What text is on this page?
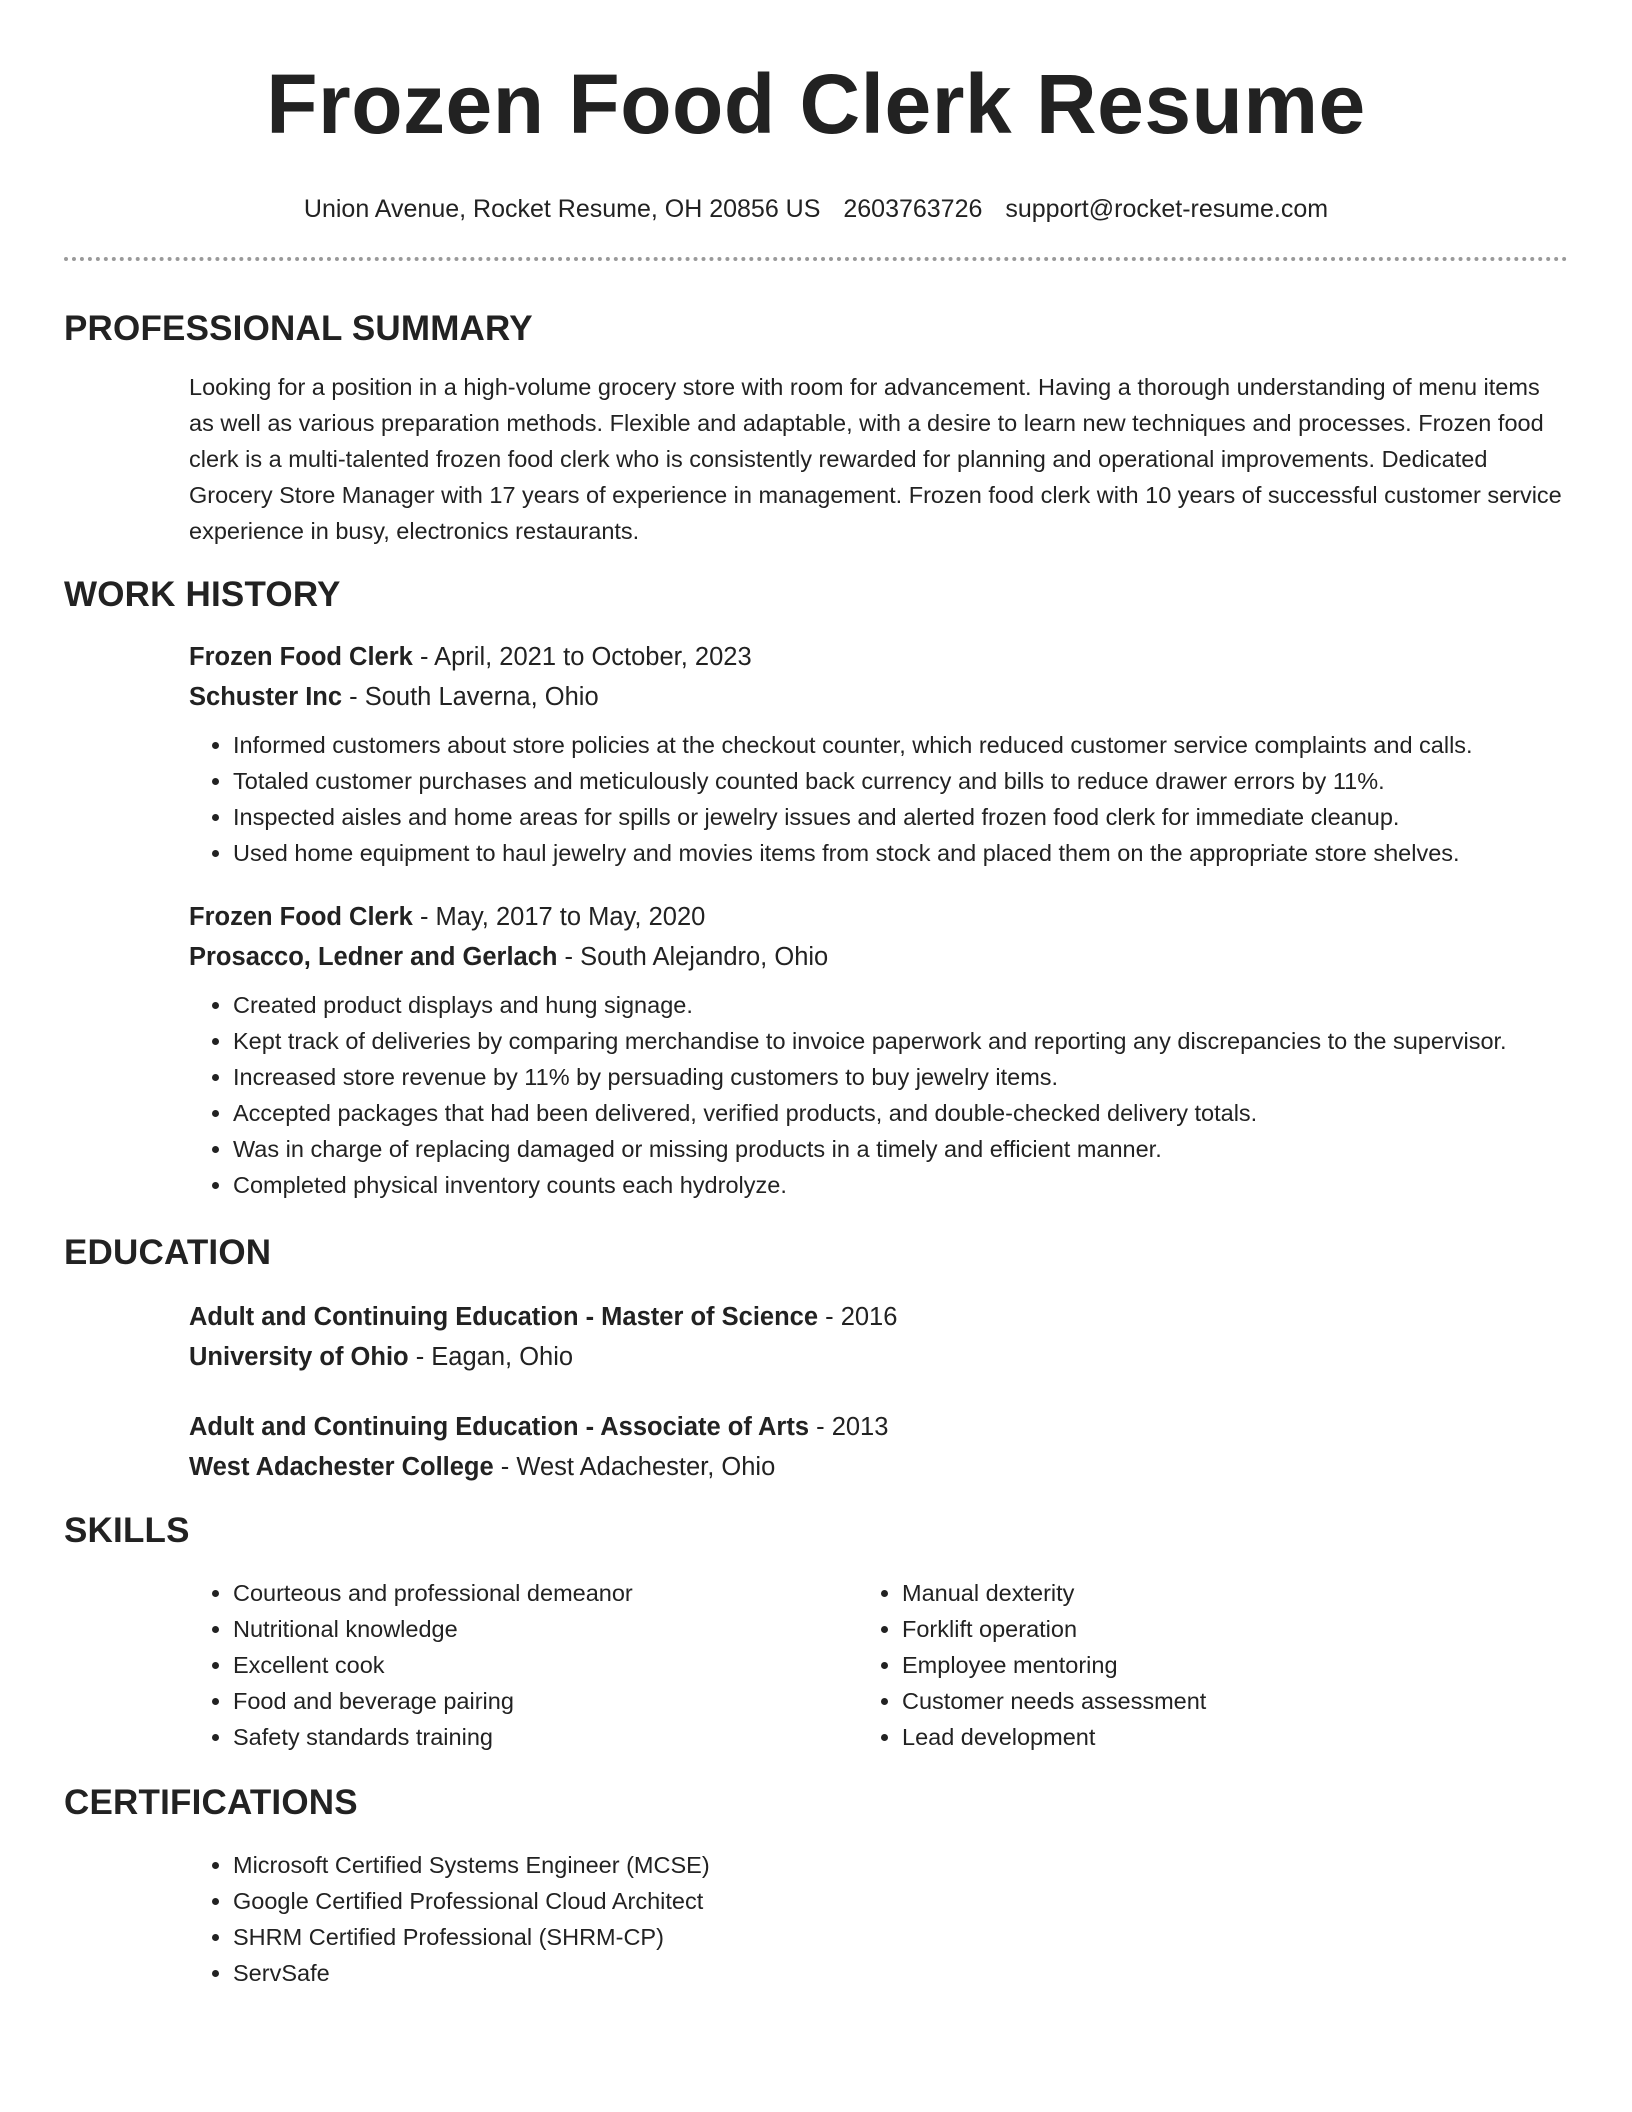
Frozen Food Clerk Resume
Union Avenue, Rocket Resume, OH 20856 US 2603763726 support@rocket-resume.com
PROFESSIONAL SUMMARY

Looking for a position in a high-volume grocery store with room for advancement. Having a thorough understanding of menu items as well as various preparation methods. Flexible and adaptable, with a desire to learn new techniques and processes. Frozen food clerk is a multi-talented frozen food clerk who is consistently rewarded for planning and operational improvements. Dedicated Grocery Store Manager with 17 years of experience in management. Frozen food clerk with 10 years of successful customer service experience in busy, electronics restaurants.

WORK HISTORY
Frozen Food Clerk - April, 2021 to October, 2023
Schuster Inc - South Laverna, Ohio
• Informed customers about store policies at the checkout counter, which reduced customer service complaints and calls.
• Totaled customer purchases and meticulously counted back currency and bills to reduce drawer errors by 11%.
• Inspected aisles and home areas for spills or jewelry issues and alerted frozen food clerk for immediate cleanup.
• Used home equipment to haul jewelry and movies items from stock and placed them on the appropriate store shelves.
Frozen Food Clerk - May, 2017 to May, 2020
Prosacco, Ledner and Gerlach - South Alejandro, Ohio
• Created product displays and hung signage.
• Kept track of deliveries by comparing merchandise to invoice paperwork and reporting any discrepancies to the supervisor.
• Increased store revenue by 11% by persuading customers to buy jewelry items.
• Accepted packages that had been delivered, verified products, and double-checked delivery totals.
• Was in charge of replacing damaged or missing products in a timely and efficient manner.
• Completed physical inventory counts each hydrolyze.
EDUCATION
Adult and Continuing Education - Master of Science - 2016
University of Ohio - Eagan, Ohio
Adult and Continuing Education - Associate of Arts - 2013
West Adachester College - West Adachester, Ohio
SKILLS
• Courteous and professional demeanor
• Nutritional knowledge
• Excellent cook
• Food and beverage pairing
• Safety standards training
• Manual dexterity
• Forklift operation
• Employee mentoring
• Customer needs assessment
• Lead development
CERTIFICATIONS
• Microsoft Certified Systems Engineer (MCSE)
• Google Certified Professional Cloud Architect
• SHRM Certified Professional (SHRM-CP)
• ServSafe
